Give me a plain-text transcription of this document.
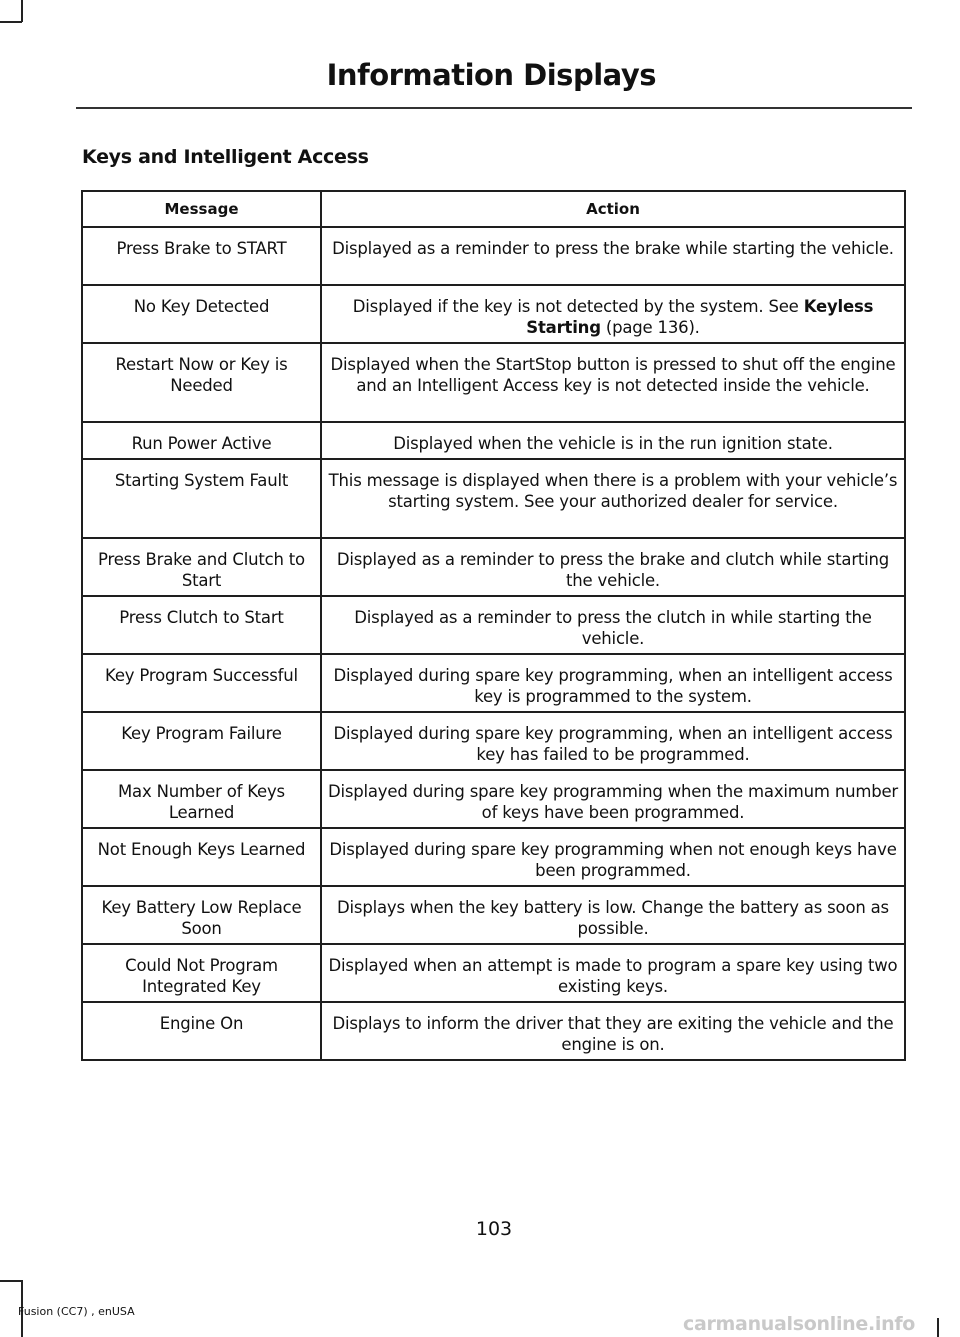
Information Displays
Keys and Intelligent Access
Message	Action
Press Brake to START	Displayed as a reminder to press the brake while starting the vehicle.
No Key Detected	Displayed if the key is not detected by the system. See Keyless Starting (page 136).
Restart Now or Key is Needed	Displayed when the StartStop button is pressed to shut off the engine and an Intelligent Access key is not detected inside the vehicle.
Run Power Active	Displayed when the vehicle is in the run ignition state.
Starting System Fault	This message is displayed when there is a problem with your vehicle’s starting system. See your authorized dealer for service.
Press Brake and Clutch to Start	Displayed as a reminder to press the brake and clutch while starting the vehicle.
Press Clutch to Start	Displayed as a reminder to press the clutch in while starting the vehicle.
Key Program Successful	Displayed during spare key programming, when an intelligent access key is programmed to the system.
Key Program Failure	Displayed during spare key programming, when an intelligent access key has failed to be programmed.
Max Number of Keys Learned	Displayed during spare key programming when the maximum number of keys have been programmed.
Not Enough Keys Learned	Displayed during spare key programming when not enough keys have been programmed.
Key Battery Low Replace Soon	Displays when the key battery is low. Change the battery as soon as possible.
Could Not Program Integrated Key	Displayed when an attempt is made to program a spare key using two existing keys.
Engine On	Displays to inform the driver that they are exiting the vehicle and the engine is on.
103
Fusion (CC7) , enUSA
carmanualsonline.info
